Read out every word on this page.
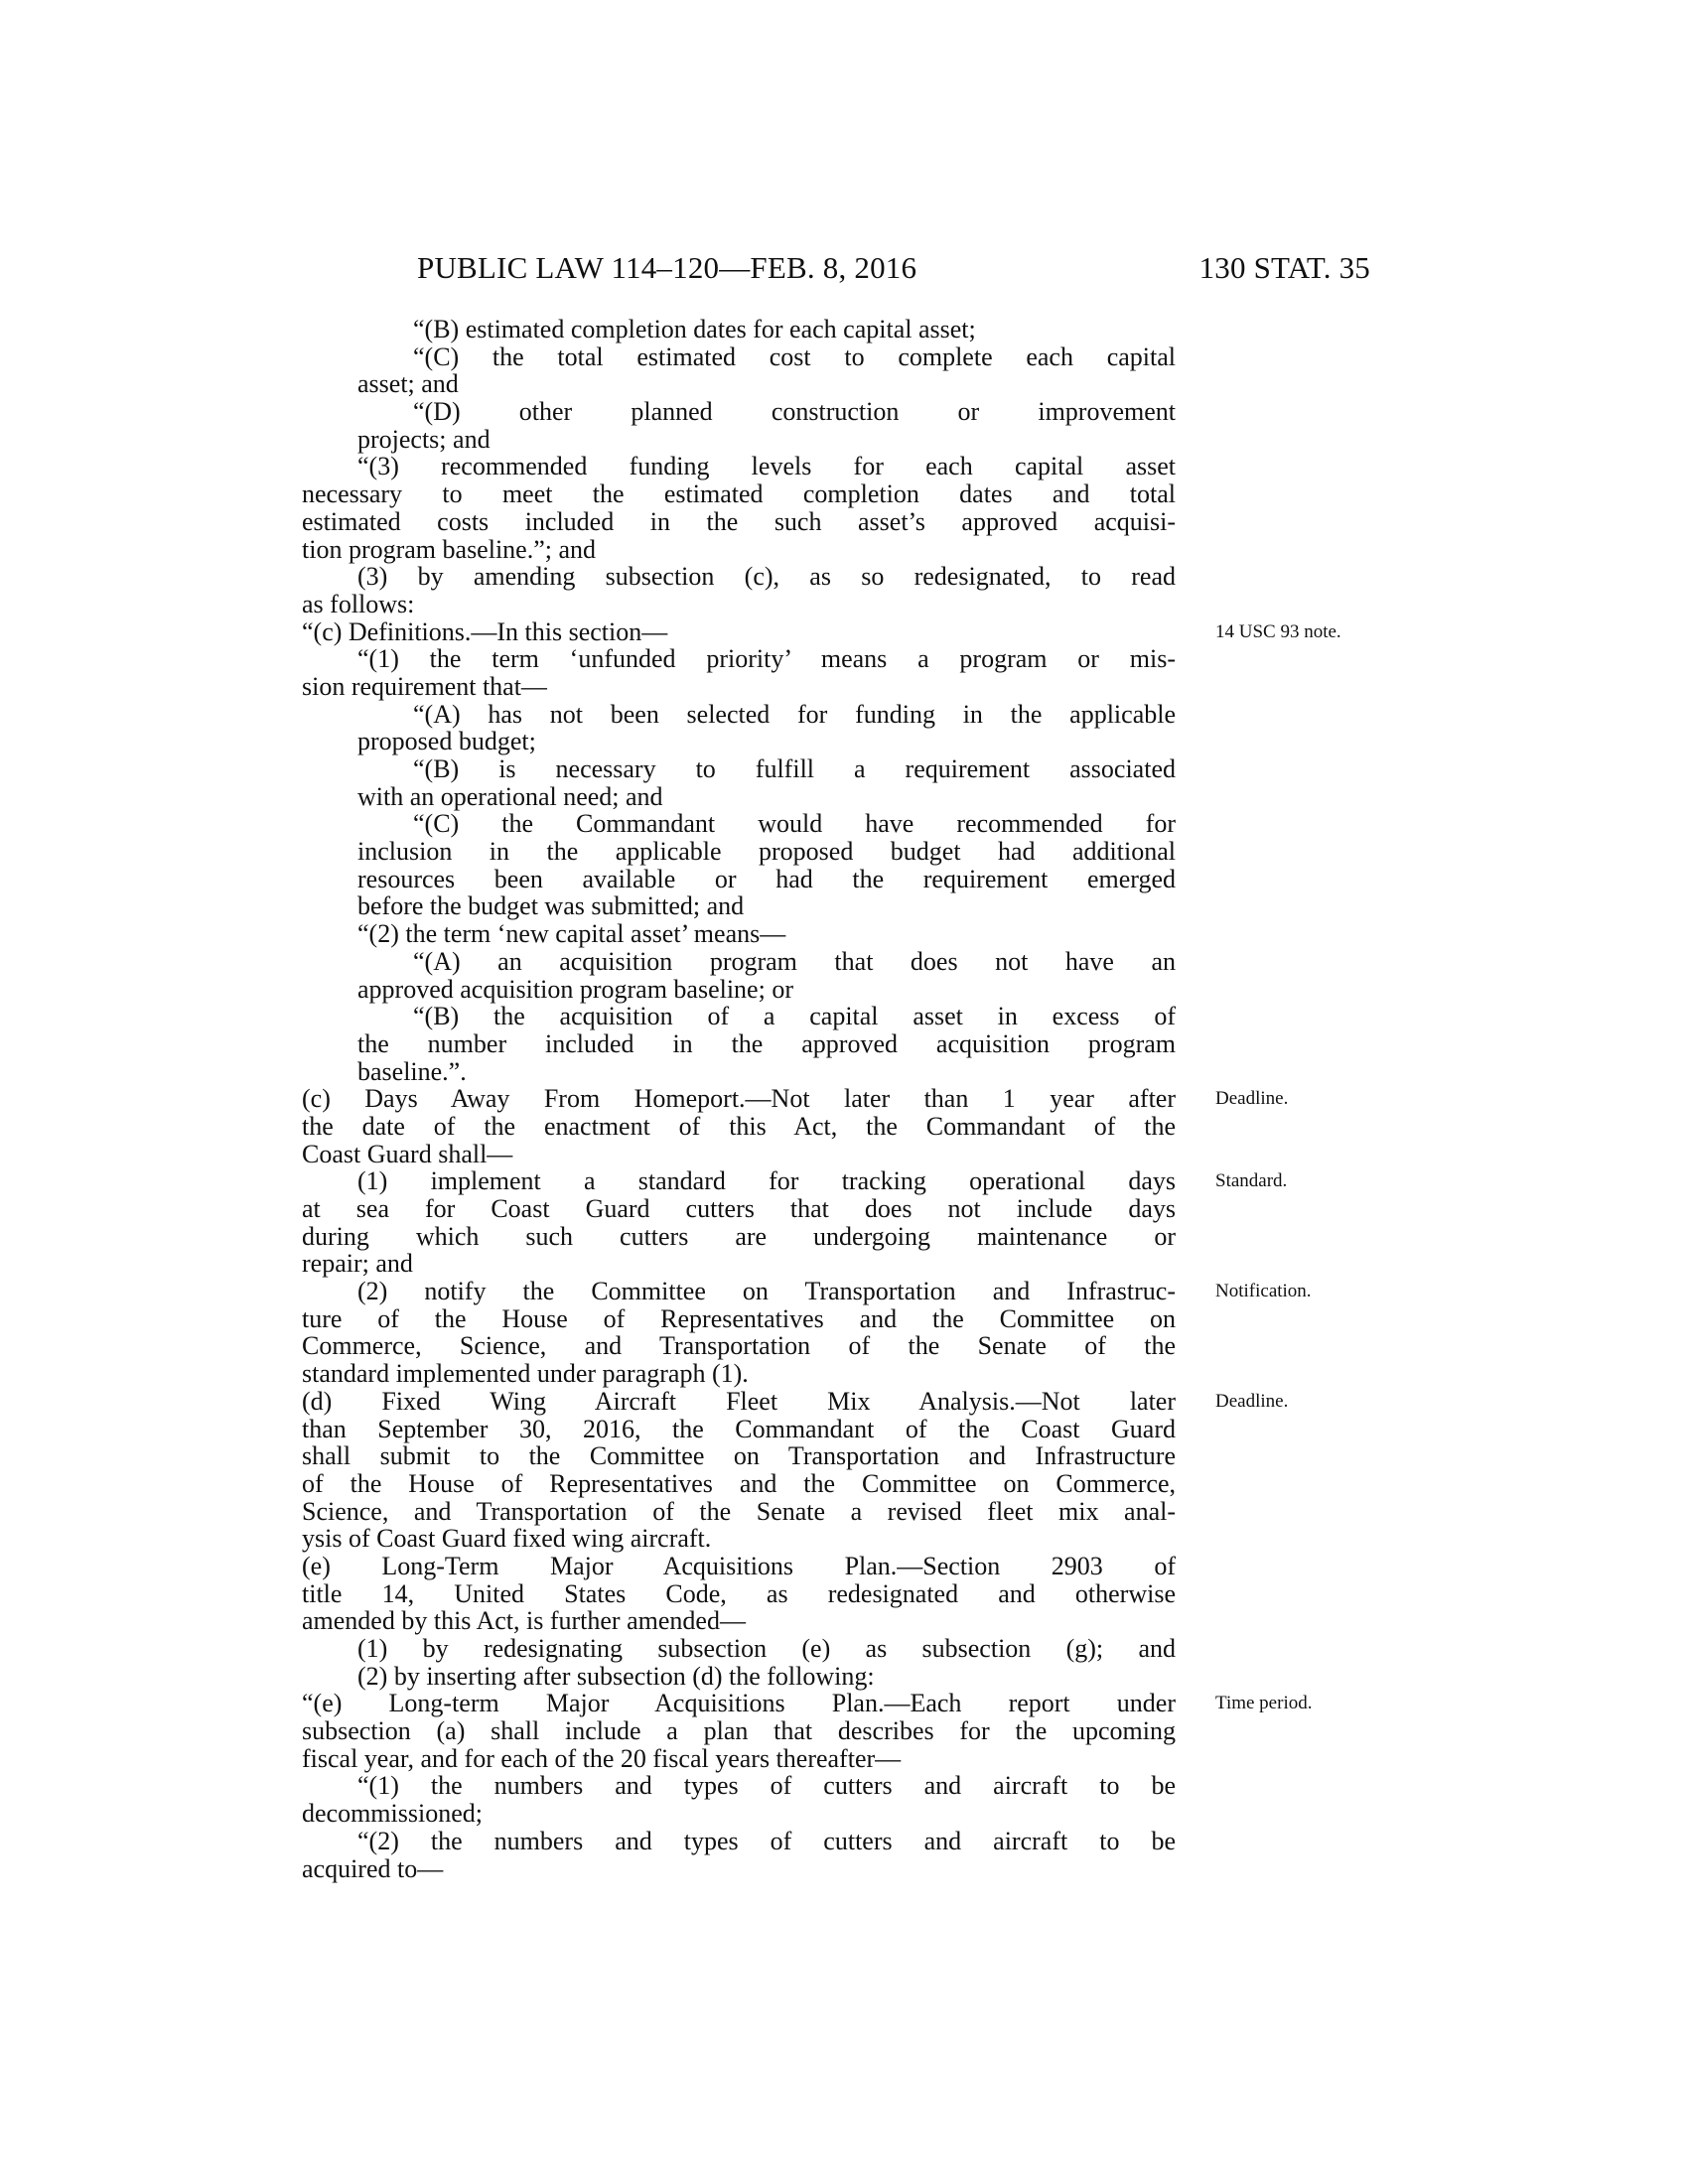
PUBLIC LAW 114–120—FEB. 8, 2016	130 STAT. 35
“(B) estimated completion dates for each capital asset;
“(C) the total estimated cost to complete each capital
asset; and
“(D) other planned construction or improvement
projects; and
“(3) recommended funding levels for each capital asset
necessary to meet the estimated completion dates and total
estimated costs included in the such asset’s approved acquisi-
tion program baseline.”; and
(3) by amending subsection (c), as so redesignated, to read
as follows:
“(c) Definitions.—In this section—	14 USC 93 note.
“(1) the term ‘unfunded priority’ means a program or mis-
sion requirement that—
“(A) has not been selected for funding in the applicable
proposed budget;
“(B) is necessary to fulfill a requirement associated
with an operational need; and
“(C) the Commandant would have recommended for
inclusion in the applicable proposed budget had additional
resources been available or had the requirement emerged
before the budget was submitted; and
“(2) the term ‘new capital asset’ means—
“(A) an acquisition program that does not have an
approved acquisition program baseline; or
“(B) the acquisition of a capital asset in excess of
the number included in the approved acquisition program
baseline.”.
(c) Days Away From Homeport.—Not later than 1 year after Deadline.
the date of the enactment of this Act, the Commandant of the
Coast Guard shall—
(1) implement a standard for tracking operational days Standard.
at sea for Coast Guard cutters that does not include days
during which such cutters are undergoing maintenance or
repair; and
(2) notify the Committee on Transportation and Infrastruc- Notification.
ture of the House of Representatives and the Committee on
Commerce, Science, and Transportation of the Senate of the
standard implemented under paragraph (1).
(d) Fixed Wing Aircraft Fleet Mix Analysis.—Not later Deadline.
than September 30, 2016, the Commandant of the Coast Guard
shall submit to the Committee on Transportation and Infrastructure
of the House of Representatives and the Committee on Commerce,
Science, and Transportation of the Senate a revised fleet mix anal-
ysis of Coast Guard fixed wing aircraft.
(e) Long-Term Major Acquisitions Plan.—Section 2903 of
title 14, United States Code, as redesignated and otherwise
amended by this Act, is further amended—
(1) by redesignating subsection (e) as subsection (g); and
(2) by inserting after subsection (d) the following:
“(e) Long-term Major Acquisitions Plan.—Each report under Time period.
subsection (a) shall include a plan that describes for the upcoming
fiscal year, and for each of the 20 fiscal years thereafter—
“(1) the numbers and types of cutters and aircraft to be
decommissioned;
“(2) the numbers and types of cutters and aircraft to be
acquired to—
